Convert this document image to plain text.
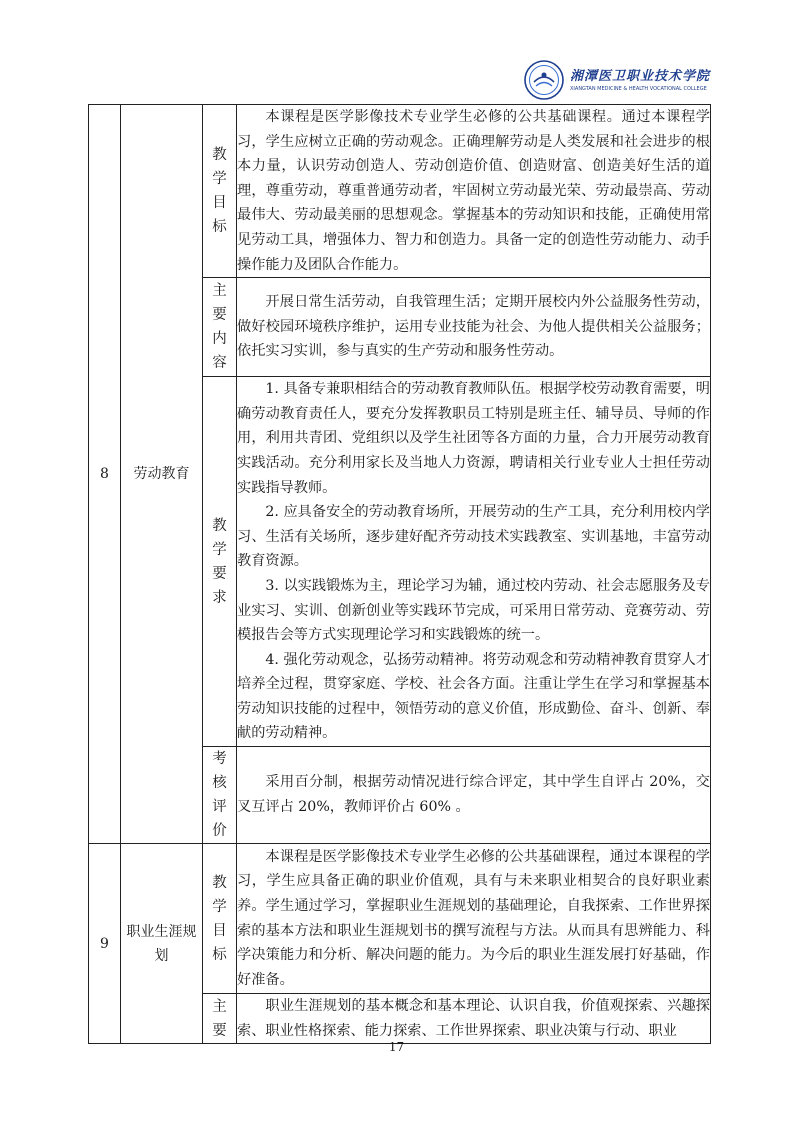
湘潭医卫职业技术学院
XIANGTAN MEDICINE & HEALTH VOCATIONAL COLLEGE
8	劳动教育	教学目标	本课程是医学影像技术专业学生必修的公共基础课程。通过本课程学习，学生应树立正确的劳动观念。正确理解劳动是人类发展和社会进步的根本力量，认识劳动创造人、劳动创造价值、创造财富、创造美好生活的道理，尊重劳动，尊重普通劳动者，牢固树立劳动最光荣、劳动最崇高、劳动最伟大、劳动最美丽的思想观念。掌握基本的劳动知识和技能，正确使用常见劳动工具，增强体力、智力和创造力。具备一定的创造性劳动能力、动手操作能力及团队合作能力。

		主要内容	开展日常生活劳动，自我管理生活；定期开展校内外公益服务性劳动，做好校园环境秩序维护，运用专业技能为社会、为他人提供相关公益服务；依托实习实训，参与真实的生产劳动和服务性劳动。

		教学要求	1. 具备专兼职相结合的劳动教育教师队伍。根据学校劳动教育需要，明确劳动教育责任人，要充分发挥教职员工特别是班主任、辅导员、导师的作用，利用共青团、党组织以及学生社团等各方面的力量，合力开展劳动教育实践活动。充分利用家长及当地人力资源，聘请相关行业专业人士担任劳动实践指导教师。

2. 应具备安全的劳动教育场所，开展劳动的生产工具，充分利用校内学习、生活有关场所，逐步建好配齐劳动技术实践教室、实训基地，丰富劳动教育资源。

3. 以实践锻炼为主，理论学习为辅，通过校内劳动、社会志愿服务及专业实习、实训、创新创业等实践环节完成，可采用日常劳动、竞赛劳动、劳模报告会等方式实现理论学习和实践锻炼的统一。

4. 强化劳动观念，弘扬劳动精神。将劳动观念和劳动精神教育贯穿人才培养全过程，贯穿家庭、学校、社会各方面。注重让学生在学习和掌握基本劳动知识技能的过程中，领悟劳动的意义价值，形成勤俭、奋斗、创新、奉献的劳动精神。

		考核评价	采用百分制，根据劳动情况进行综合评定，其中学生自评占 20%，交叉互评占 20%，教师评价占 60% 。

9	职业生涯规划	教学目标	本课程是医学影像技术专业学生必修的公共基础课程，通过本课程的学习，学生应具备正确的职业价值观，具有与未来职业相契合的良好职业素养。学生通过学习，掌握职业生涯规划的基础理论，自我探索、工作世界探索的基本方法和职业生涯规划书的撰写流程与方法。从而具有思辨能力、科学决策能力和分析、解决问题的能力。为今后的职业生涯发展打好基础，作好准备。

		主要	职业生涯规划的基本概念和基本理论、认识自我，价值观探索、兴趣探索、职业性格探索、能力探索、工作世界探索、职业决策与行动、职业

17
